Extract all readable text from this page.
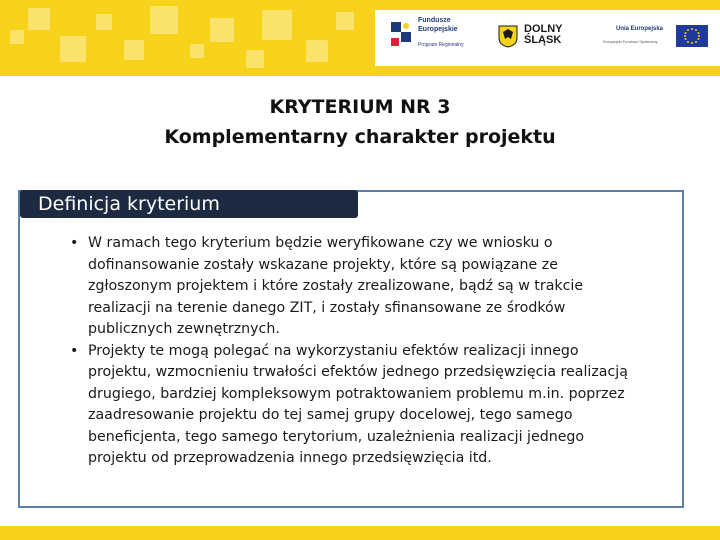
Fundusze
Europejskie
Program Regionalny
DOLNY
ŚLĄSK
Unia Europejska
Europejski Fundusz Społeczny
KRYTERIUM NR 3
Komplementarny charakter projektu
Definicja kryterium
• W ramach tego kryterium będzie weryfikowane czy we wniosku o dofinansowanie zostały wskazane projekty, które są powiązane ze zgłoszonym projektem i które zostały zrealizowane, bądź są w trakcie realizacji na terenie danego ZIT, i zostały sfinansowane ze środków publicznych zewnętrznych.
• Projekty te mogą polegać na wykorzystaniu efektów realizacji innego projektu, wzmocnieniu trwałości efektów jednego przedsięwzięcia realizacją drugiego, bardziej kompleksowym potraktowaniem problemu m.in. poprzez zaadresowanie projektu do tej samej grupy docelowej, tego samego beneficjenta, tego samego terytorium, uzależnienia realizacji jednego projektu od przeprowadzenia innego przedsięwzięcia itd.
